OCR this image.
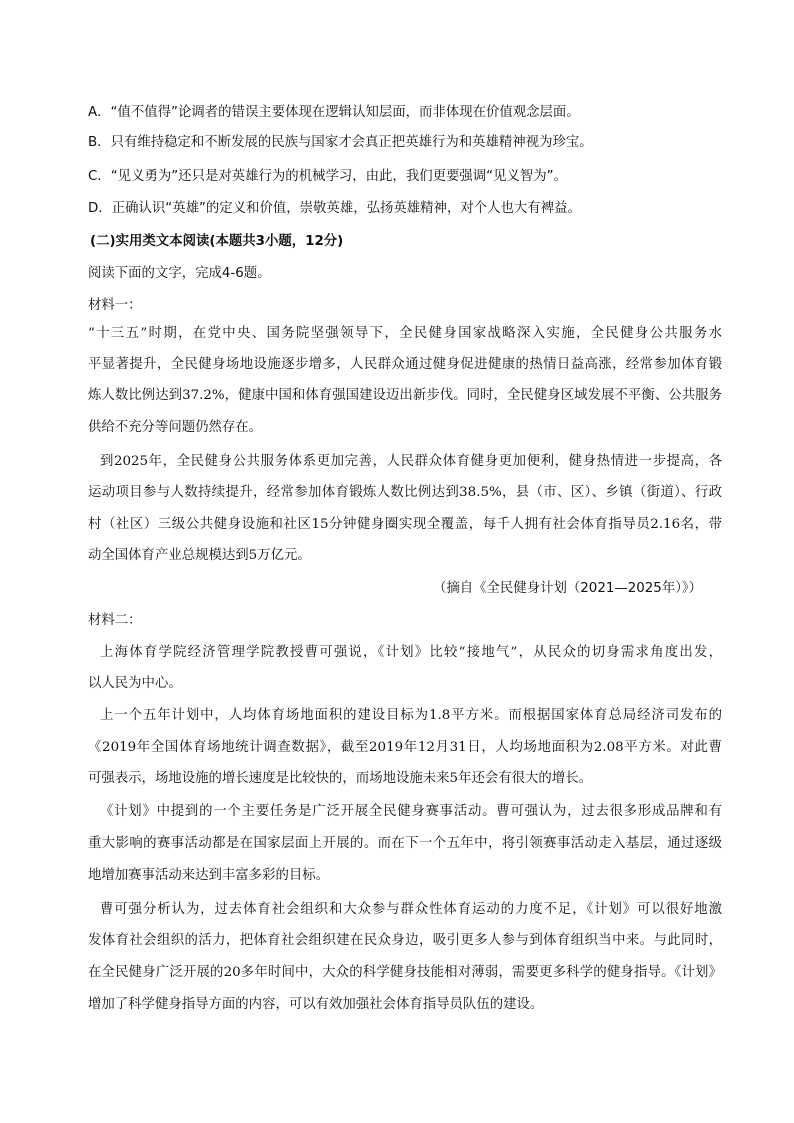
A．“值不值得”论调者的错误主要体现在逻辑认知层面，而非体现在价值观念层面。
B．只有维持稳定和不断发展的民族与国家才会真正把英雄行为和英雄精神视为珍宝。
C．“见义勇为”还只是对英雄行为的机械学习，由此，我们更要强调“见义智为”。
D．正确认识“英雄”的定义和价值，崇敬英雄，弘扬英雄精神，对个人也大有裨益。
(二)实用类文本阅读(本题共3小题，12分)
阅读下面的文字，完成4-6题。
材料一：
“十三五”时期，在党中央、国务院坚强领导下，全民健身国家战略深入实施，全民健身公共服务水
平显著提升，全民健身场地设施逐步增多，人民群众通过健身促进健康的热情日益高涨，经常参加体育锻
炼人数比例达到37.2%，健康中国和体育强国建设迈出新步伐。同时，全民健身区域发展不平衡、公共服务
供给不充分等问题仍然存在。
到2025年，全民健身公共服务体系更加完善，人民群众体育健身更加便利，健身热情进一步提高，各
运动项目参与人数持续提升，经常参加体育锻炼人数比例达到38.5%，县（市、区）、乡镇（街道）、行政
村（社区）三级公共健身设施和社区15分钟健身圈实现全覆盖，每千人拥有社会体育指导员2.16名，带
动全国体育产业总规模达到5万亿元。
（摘自《全民健身计划（2021—2025年）》）
材料二：
上海体育学院经济管理学院教授曹可强说，《计划》比较“接地气”，从民众的切身需求角度出发，
以人民为中心。
上一个五年计划中，人均体育场地面积的建设目标为1.8平方米。而根据国家体育总局经济司发布的
《2019年全国体育场地统计调查数据》，截至2019年12月31日，人均场地面积为2.08平方米。对此曹
可强表示，场地设施的增长速度是比较快的，而场地设施未来5年还会有很大的增长。
《计划》中提到的一个主要任务是广泛开展全民健身赛事活动。曹可强认为，过去很多形成品牌和有
重大影响的赛事活动都是在国家层面上开展的。而在下一个五年中，将引领赛事活动走入基层，通过逐级
地增加赛事活动来达到丰富多彩的目标。
曹可强分析认为，过去体育社会组织和大众参与群众性体育运动的力度不足，《计划》可以很好地激
发体育社会组织的活力，把体育社会组织建在民众身边，吸引更多人参与到体育组织当中来。与此同时，
在全民健身广泛开展的20多年时间中，大众的科学健身技能相对薄弱，需要更多科学的健身指导。《计划》
增加了科学健身指导方面的内容，可以有效加强社会体育指导员队伍的建设。
